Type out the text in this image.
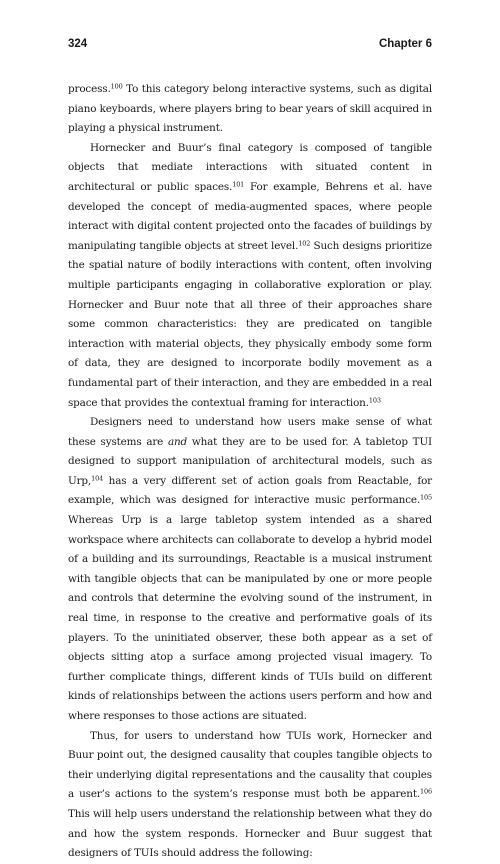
324	Chapter 6

process.$^{100}$ To this category belong interactive systems, such as digital piano keyboards, where players bring to bear years of skill acquired in playing a physical instrument.

Hornecker and Buur’s final category is composed of tangible objects that mediate interactions with situated content in architectural or public spaces.$^{101}$ For example, Behrens et al. have developed the concept of media-augmented spaces, where people interact with digital content projected onto the facades of buildings by manipulating tangible objects at street level.$^{102}$ Such designs prioritize the spatial nature of bodily interactions with content, often involving multiple participants engaging in collaborative exploration or play. Hornecker and Buur note that all three of their approaches share some common characteristics: they are predicated on tangible interaction with material objects, they physically embody some form of data, they are designed to incorporate bodily movement as a fundamental part of their interaction, and they are embedded in a real space that provides the contextual framing for interaction.$^{103}$

Designers need to understand how users make sense of what these systems are and what they are to be used for. A tabletop TUI designed to support manipulation of architectural models, such as Urp,$^{104}$ has a very different set of action goals from Reactable, for example, which was designed for interactive music performance.$^{105}$ Whereas Urp is a large tabletop system intended as a shared workspace where architects can collaborate to develop a hybrid model of a building and its surroundings, Reactable is a musical instrument with tangible objects that can be manipulated by one or more people and controls that determine the evolving sound of the instrument, in real time, in response to the creative and performative goals of its players. To the uninitiated observer, these both appear as a set of objects sitting atop a surface among projected visual imagery. To further complicate things, different kinds of TUIs build on different kinds of relationships between the actions users perform and how and where responses to those actions are situated.

Thus, for users to understand how TUIs work, Hornecker and Buur point out, the designed causality that couples tangible objects to their underlying digital representations and the causality that couples a user’s actions to the system’s response must both be apparent.$^{106}$ This will help users understand the relationship between what they do and how the system responds. Hornecker and Buur suggest that designers of TUIs should address the following:
